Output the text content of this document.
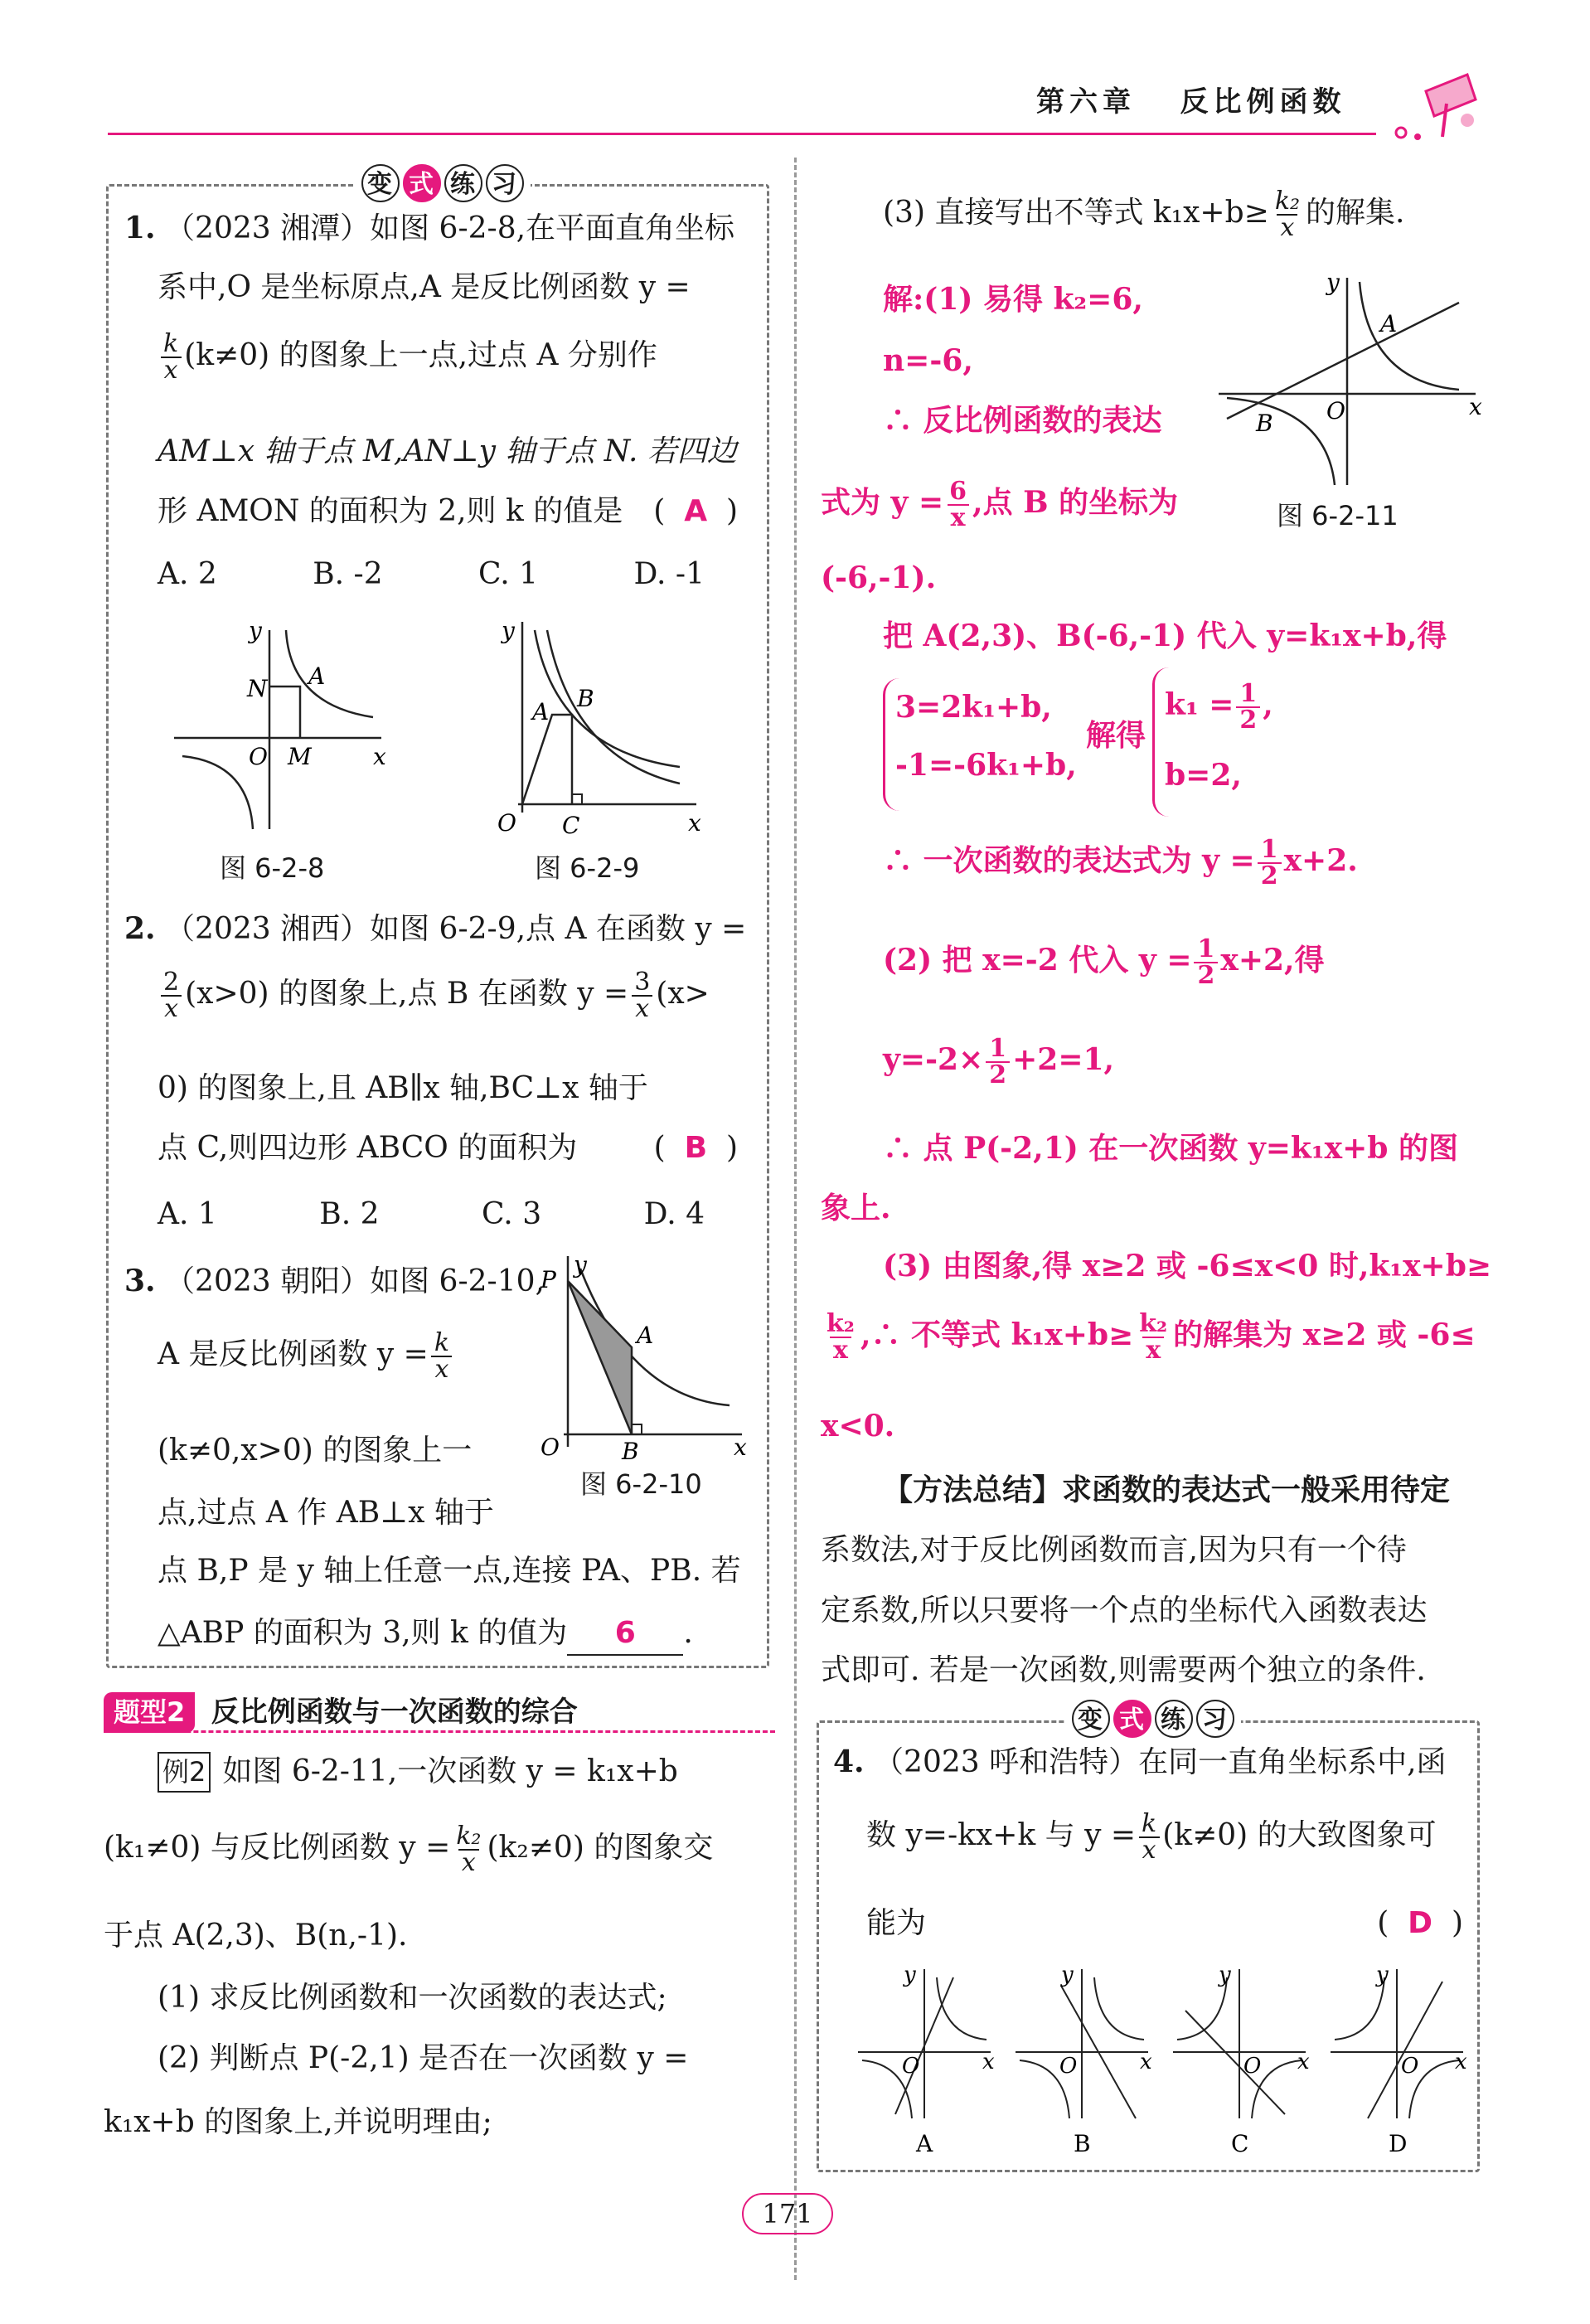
第六章 反比例函数
变 式 练 习
1. （2023 湘潭）如图 6-2-8,在平面直角坐标
系中,O 是坐标原点,A 是反比例函数 y =
$\frac{k}{x} (k\ne 0)$ 的图象上一点,过点 A 分别作
AM⊥x 轴于点 M,AN⊥y 轴于点 N. 若四边
形 AMON 的面积为 2,则 k 的值是 (  A  )
A. 2	B. -2	C. 1	D. -1
y
N A
O M	x
图 6-2-8
y
A B
O C	x
图 6-2-9
2. （2023 湘西）如图 6-2-9,点 A 在函数 y =
$\frac{2}{x} (x>0)$ 的图象上,点 B 在函数 $y = \frac{3}{x} (x>$
0) 的图象上,且 AB∥x 轴,BC⊥x 轴于
点 C,则四边形 ABCO 的面积为	(  B  )
A. 1	B. 2	C. 3	D. 4
3. （2023 朝阳）如图 6-2-10,
A 是反比例函数 $y = \frac{k}{x}$
(k≠0,x>0) 的图象上一
点,过点 A 作 AB⊥x 轴于
点 B,P 是 y 轴上任意一点,连接 PA、PB. 若
△ABP 的面积为 3,则 k 的值为 6 .
P
y
A
O	B	x
图 6-2-10
题型2 反比例函数与一次函数的综合
例2 如图 6-2-11,一次函数 y = k₁x+b
(k₁≠0) 与反比例函数 $y = \frac{\text{k₂}}{x} (k_2\ne 0)$ 的图象交
于点 A(2,3)、B(n,-1).
(1) 求反比例函数和一次函数的表达式;
(2) 判断点 P(-2,1) 是否在一次函数 y =
k₁x+b 的图象上,并说明理由;
(3) 直接写出不等式 $k_1x+b\ge \frac{\text{k₂}}{x}$ 的解集.
解:(1) 易得 k₂=6,
n=-6,
∴ 反比例函数的表达
式为 $y = \frac{6}{x}$ ,点 B 的坐标为
(-6,-1).
把 A(2,3)、B(-6,-1) 代入 y=k₁x+b,得
3=2k₁+b,
-1=-6k₁+b,
解得
$k_1 = \frac{1}{2}$ ,
b=2,
∴ 一次函数的表达式为 $y = \frac{1}{2} x+2$.
(2) 把 x=-2 代入 $y = \frac{1}{2} x+2$,得
$y=-2\times \frac{1}{2} +2=1$,
∴ 点 P(-2,1) 在一次函数 y=k₁x+b 的图
象上.
(3) 由图象,得 x≥2 或 -6≤x<0 时,k₁x+b≥
$\frac{\text{k₂}}{x}$ ,∴ 不等式 $k_1x+b\ge \frac{\text{k₂}}{x}$ 的解集为 x≥2 或 -6≤
x<0.
y
A
B O	x
图 6-2-11
【方法总结】求函数的表达式一般采用待定
系数法,对于反比例函数而言,因为只有一个待
定系数,所以只要将一个点的坐标代入函数表达
式即可. 若是一次函数,则需要两个独立的条件.
变 式 练 习
4. （2023 呼和浩特）在同一直角坐标系中,函
数 y=-kx+k 与 $y = \frac{k}{x} (k\ne 0)$ 的大致图象可
能为	(  D  )
y
O	x
A
y
O	x
B
y
O x
C
y
O x
D
171
